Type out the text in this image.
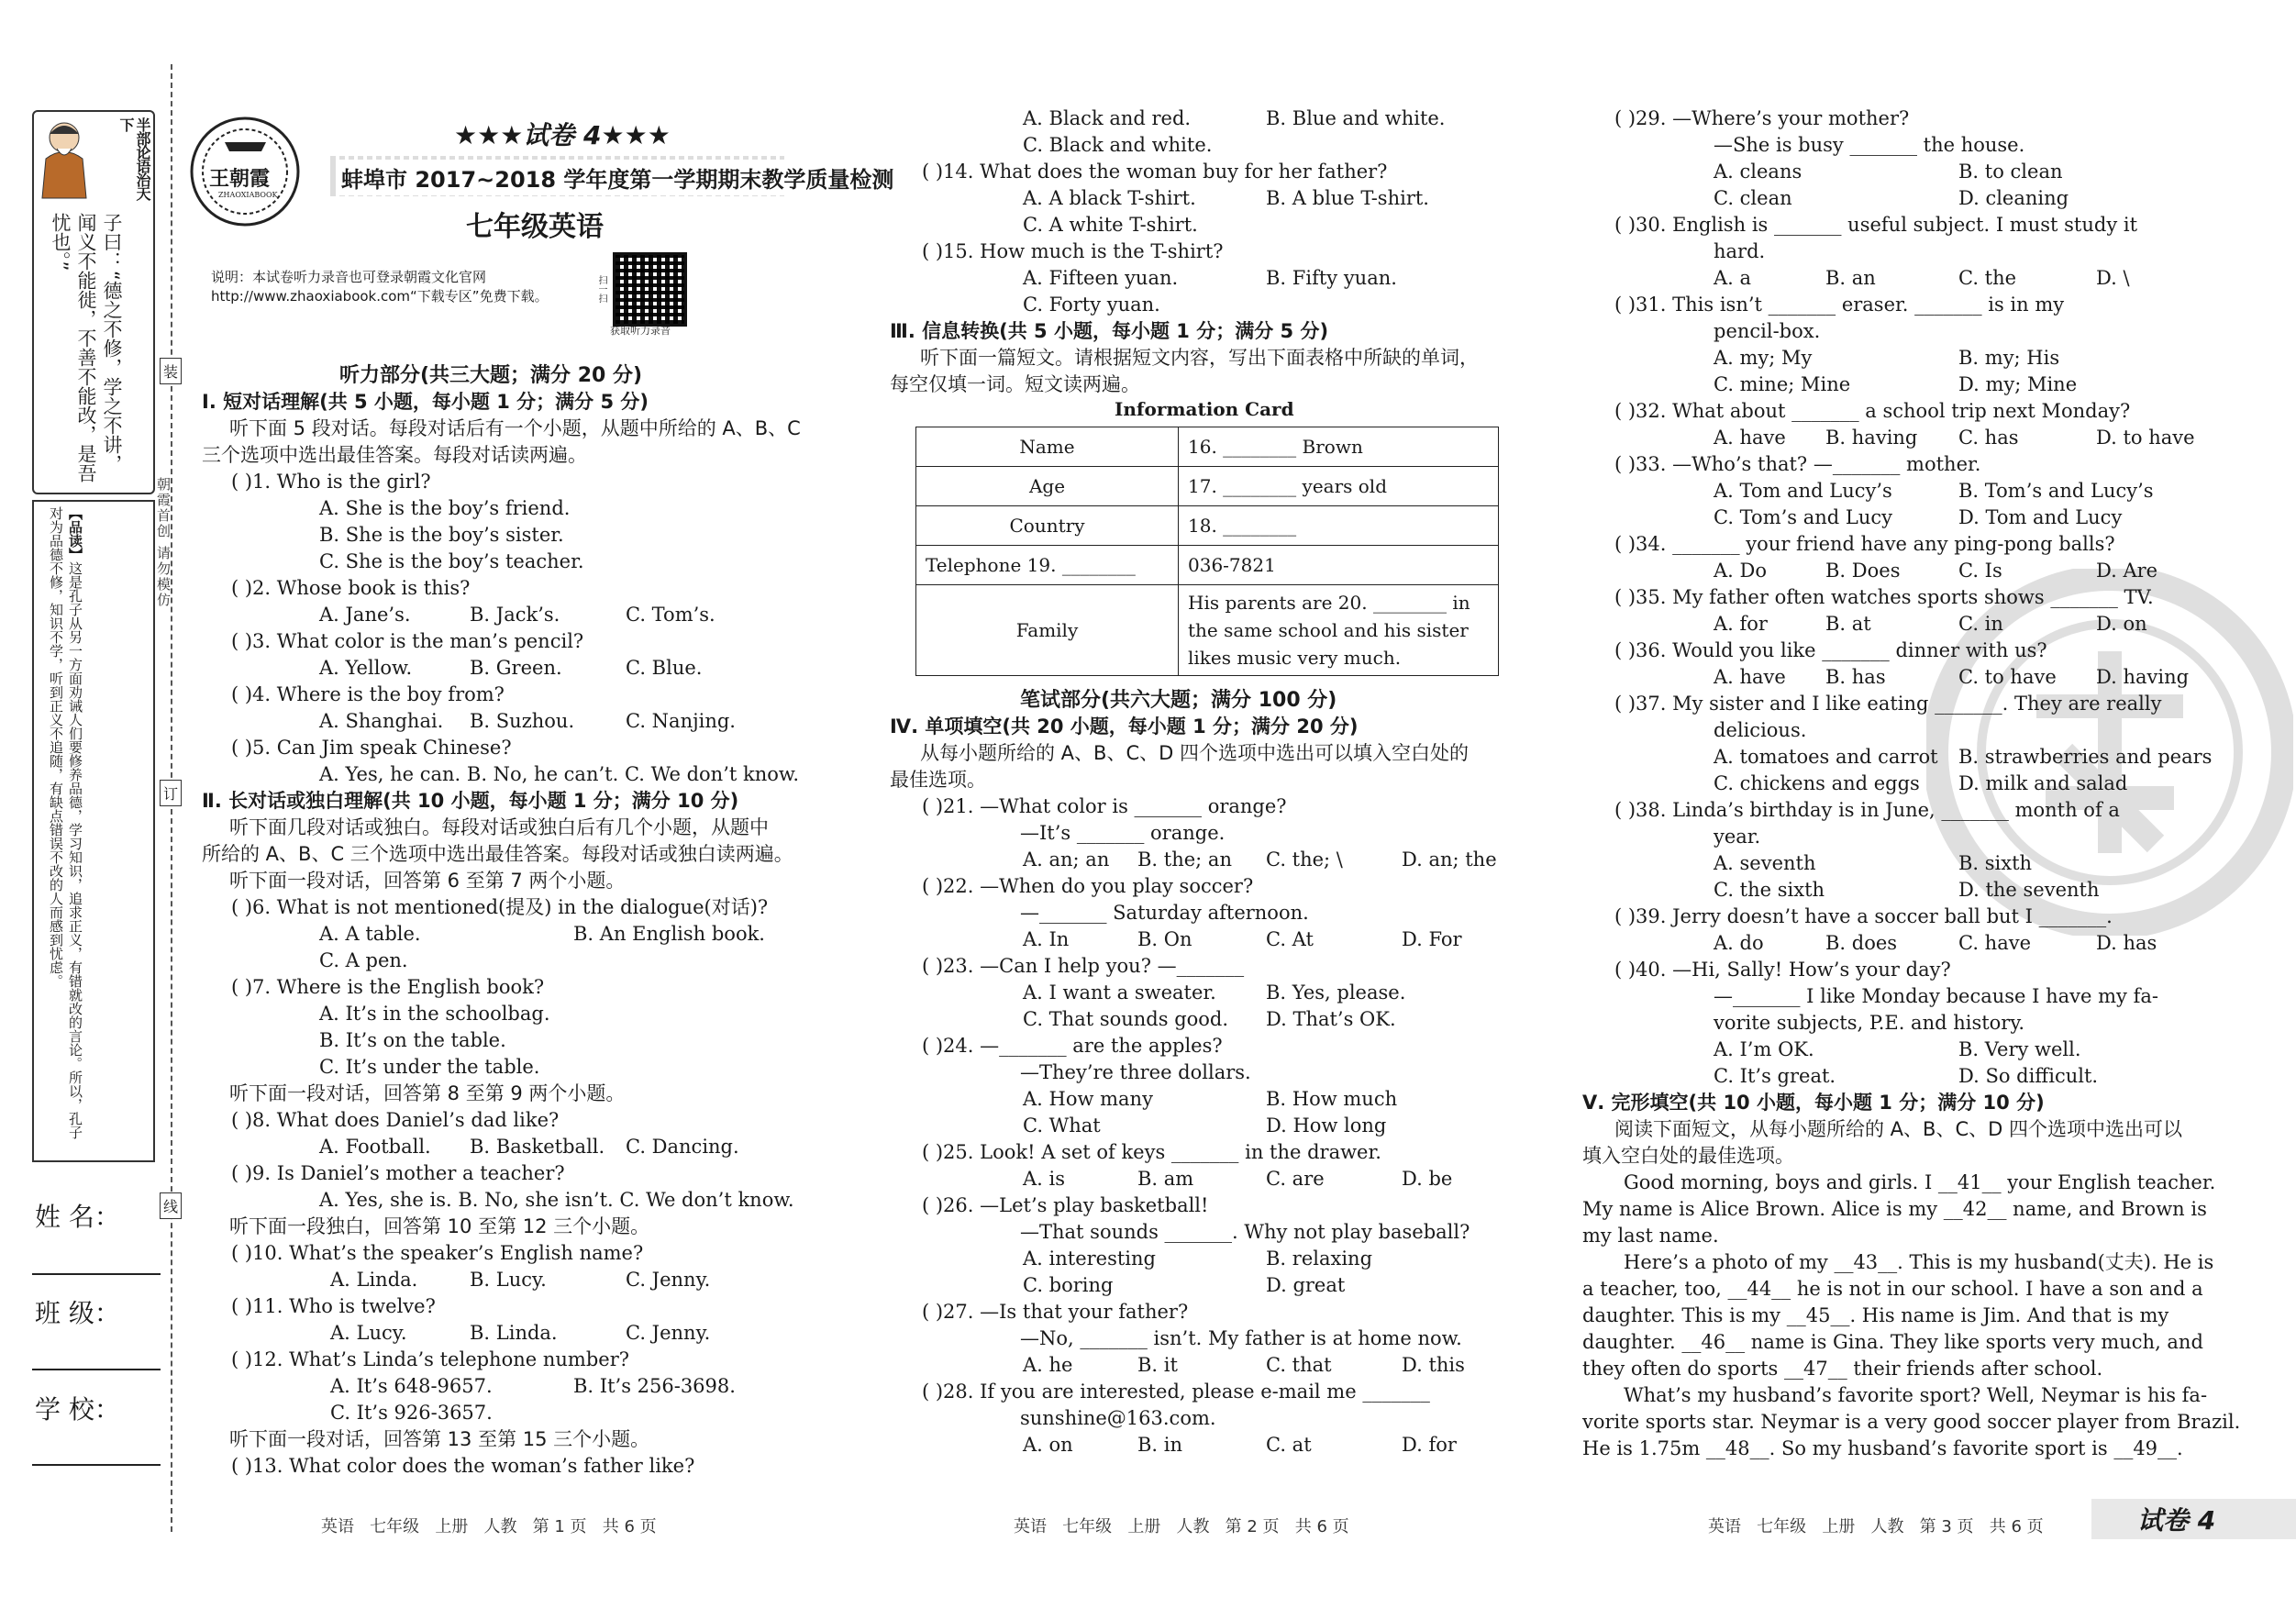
半部论语治天下
子曰：“德之不修，学之不讲，闻义不能徙，不善不能改，是吾忧也。”
【品读】这是孔子从另一方面劝诫人们要修养品德，学习知识，追求正义，有错就改的言论。所以，孔子对为品德不修，知识不学，听到正义不追随，有缺点错误不改的人而感到忧虑。	朝霞首创 请勿模仿
装
订
线
姓 名：
班 级：
学 校：
王朝霞
ZHAOXIABOOK
★★★试卷 4★★★
蚌埠市 2017~2018 学年度第一学期期末教学质量检测
七年级英语
说明：本试卷听力录音也可登录朝霞文化官网 http://www.zhaoxiabook.com“下载专区”免费下载。
获取听力录音
扫一扫
听力部分(共三大题；满分 20 分)
Ⅰ. 短对话理解(共 5 小题，每小题 1 分；满分 5 分)
听下面 5 段对话。每段对话后有一个小题，从题中所给的 A、B、C
三个选项中选出最佳答案。每段对话读两遍。
( )1. Who is the girl?
A. She is the boy’s friend.
B. She is the boy’s sister.
C. She is the boy’s teacher.
( )2. Whose book is this?
A. Jane’s.	B. Jack’s.	C. Tom’s.
( )3. What color is the man’s pencil?
A. Yellow.	B. Green.	C. Blue.
( )4. Where is the boy from?
A. Shanghai. B. Suzhou.	C. Nanjing.
( )5. Can Jim speak Chinese?
A. Yes, he can. B. No, he can’t. C. We don’t know.
Ⅱ. 长对话或独白理解(共 10 小题，每小题 1 分；满分 10 分)
听下面几段对话或独白。每段对话或独白后有几个小题，从题中
所给的 A、B、C 三个选项中选出最佳答案。每段对话或独白读两遍。
听下面一段对话，回答第 6 至第 7 两个小题。
( )6. What is not mentioned(提及) in the dialogue(对话)?
A. A table.	B. An English book.
C. A pen.
( )7. Where is the English book?
A. It’s in the schoolbag.
B. It’s on the table.
C. It’s under the table.
听下面一段对话，回答第 8 至第 9 两个小题。
( )8. What does Daniel’s dad like?
A. Football. B. Basketball. C. Dancing.
( )9. Is Daniel’s mother a teacher?
A. Yes, she is. B. No, she isn’t. C. We don’t know.
听下面一段独白，回答第 10 至第 12 三个小题。
( )10. What’s the speaker’s English name?
A. Linda.	B. Lucy.	C. Jenny.
( )11. Who is twelve?
A. Lucy.	B. Linda.	C. Jenny.
( )12. What’s Linda’s telephone number?
A. It’s 648-9657.	B. It’s 256-3698.
C. It’s 926-3657.
听下面一段对话，回答第 13 至第 15 三个小题。
( )13. What color does the woman’s father like?
A. Black and red.	B. Blue and white.
C. Black and white.
( )14. What does the woman buy for her father?
A. A black T-shirt.	B. A blue T-shirt.
C. A white T-shirt.
( )15. How much is the T-shirt?
A. Fifteen yuan.	B. Fifty yuan.
C. Forty yuan.
Ⅲ. 信息转换(共 5 小题，每小题 1 分；满分 5 分)
听下面一篇短文。请根据短文内容，写出下面表格中所缺的单词，
每空仅填一词。短文读两遍。
Information Card
Name	16. ________ Brown
Age	17. ________ years old
Country	18. ________
Telephone 19. ________	036-7821
Family	His parents are 20. ________ in the same school and his sister likes music very much.
笔试部分(共六大题；满分 100 分)
Ⅳ. 单项填空(共 20 小题，每小题 1 分；满分 20 分)
从每小题所给的 A、B、C、D 四个选项中选出可以填入空白处的
最佳选项。
( )21. —What color is _______ orange?
—It’s _______ orange.
A. an; an B. the; an C. the; \	D. an; the
( )22. —When do you play soccer?
—_______ Saturday afternoon.
A. In	B. On	C. At	D. For
( )23. —Can I help you? —_______
A. I want a sweater.	B. Yes, please.
C. That sounds good. D. That’s OK.
( )24. —_______ are the apples?
—They’re three dollars.
A. How many	B. How much
C. What	D. How long
( )25. Look! A set of keys _______ in the drawer.
A. is	B. am	C. are	D. be
( )26. —Let’s play basketball!
—That sounds _______. Why not play baseball?
A. interesting	B. relaxing
C. boring	D. great
( )27. —Is that your father?
—No, _______ isn’t. My father is at home now.
A. he	B. it	C. that	D. this
( )28. If you are interested, please e-mail me _______
sunshine@163.com.
A. on	B. in	C. at	D. for
( )29. —Where’s your mother?
—She is busy _______ the house.
A. cleans	B. to clean
C. clean	D. cleaning
( )30. English is _______ useful subject. I must study it
hard.
A. a	B. an	C. the	D. \
( )31. This isn’t _______ eraser. _______ is in my
pencil-box.
A. my; My	B. my; His
C. mine; Mine	D. my; Mine
( )32. What about _______ a school trip next Monday?
A. have B. having C. has	D. to have
( )33. —Who’s that? —_______ mother.
A. Tom and Lucy’s	B. Tom’s and Lucy’s
C. Tom’s and Lucy	D. Tom and Lucy
( )34. _______ your friend have any ping-pong balls?
A. Do	B. Does	C. Is	D. Are
( )35. My father often watches sports shows _______ TV.
A. for	B. at	C. in	D. on
( )36. Would you like _______ dinner with us?
A. have B. has	C. to have D. having
( )37. My sister and I like eating _______. They are really
delicious.
A. tomatoes and carrot B. strawberries and pears
C. chickens and eggs D. milk and salad
( )38. Linda’s birthday is in June, _______ month of a
year.
A. seventh	B. sixth
C. the sixth	D. the seventh
( )39. Jerry doesn’t have a soccer ball but I _______.
A. do	B. does	C. have	D. has
( )40. —Hi, Sally! How’s your day?
—_______ I like Monday because I have my fa-
vorite subjects, P.E. and history.
A. I’m OK.	B. Very well.
C. It’s great.	D. So difficult.
Ⅴ. 完形填空(共 10 小题，每小题 1 分；满分 10 分)
阅读下面短文，从每小题所给的 A、B、C、D 四个选项中选出可以
填入空白处的最佳选项。
Good morning, boys and girls. I __41__ your English teacher.
My name is Alice Brown. Alice is my __42__ name, and Brown is
my last name.
Here’s a photo of my __43__. This is my husband(丈夫). He is
a teacher, too, __44__ he is not in our school. I have a son and a
daughter. This is my __45__. His name is Jim. And that is my
daughter. __46__ name is Gina. They like sports very much, and
they often do sports __47__ their friends after school.
What’s my husband’s favorite sport? Well, Neymar is his fa-
vorite sports star. Neymar is a very good soccer player from Brazil.
He is 1.75m __48__. So my husband’s favorite sport is __49__.
英语   七年级   上册   人教   第 1 页   共 6 页	英语   七年级   上册   人教   第 2 页   共 6 页	英语   七年级   上册   人教   第 3 页   共 6 页	试卷 4
